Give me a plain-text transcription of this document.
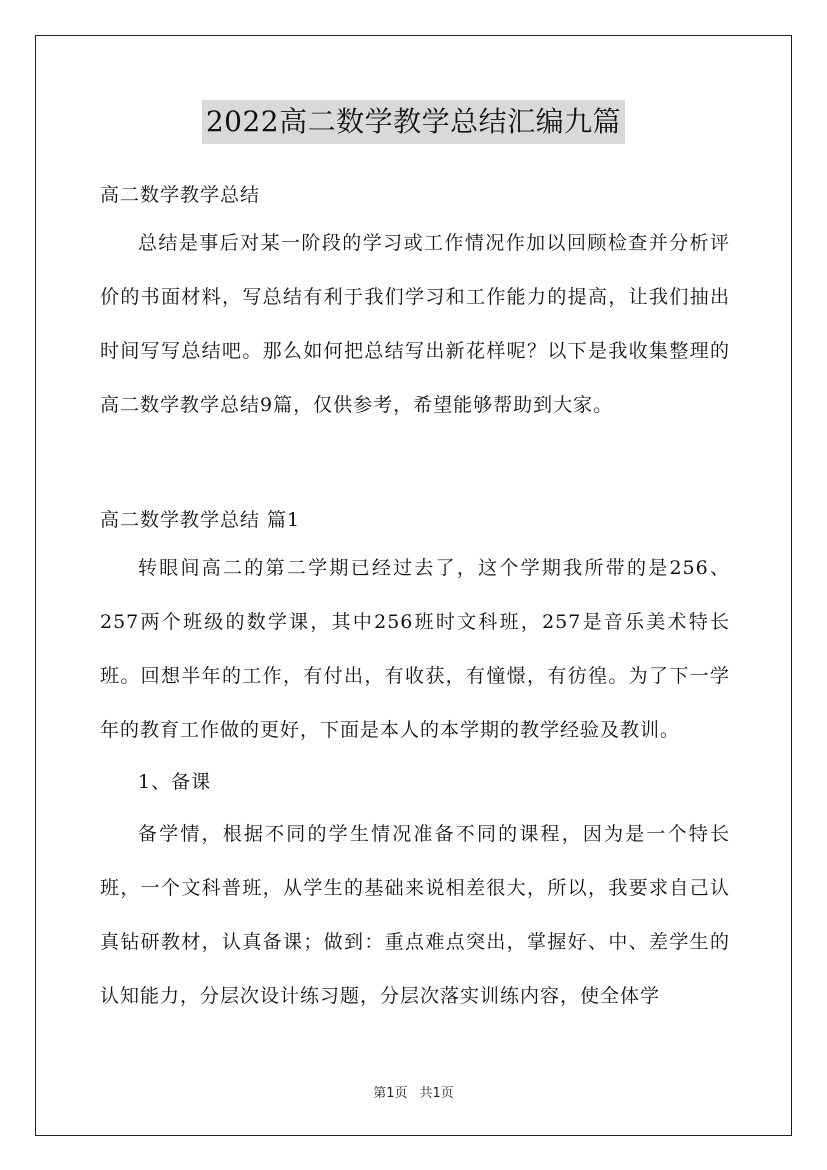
2022高二数学教学总结汇编九篇
高二数学教学总结
总结是事后对某一阶段的学习或工作情况作加以回顾检查并分析评价的书面材料，写总结有利于我们学习和工作能力的提高，让我们抽出时间写写总结吧。那么如何把总结写出新花样呢？以下是我收集整理的高二数学教学总结9篇，仅供参考，希望能够帮助到大家。
高二数学教学总结 篇1
转眼间高二的第二学期已经过去了，这个学期我所带的是256、257两个班级的数学课，其中256班时文科班，257是音乐美术特长班。回想半年的工作，有付出，有收获，有憧憬，有彷徨。为了下一学年的教育工作做的更好，下面是本人的本学期的教学经验及教训。
1、备课
备学情，根据不同的学生情况准备不同的课程，因为是一个特长班，一个文科普班，从学生的基础来说相差很大，所以，我要求自己认真钻研教材，认真备课；做到：重点难点突出，掌握好、中、差学生的认知能力，分层次设计练习题，分层次落实训练内容，使全体学
第1页 共1页
